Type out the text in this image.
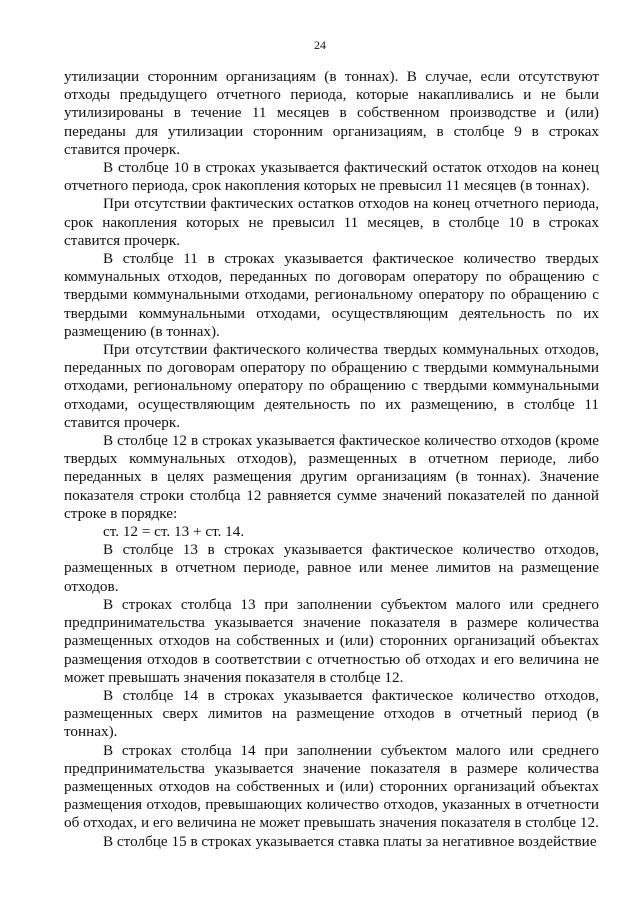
24

утилизации сторонним организациям (в тоннах). В случае, если отсутствуют отходы предыдущего отчетного периода, которые накапливались и не были утилизированы в течение 11 месяцев в собственном производстве и (или) переданы для утилизации сторонним организациям, в столбце 9 в строках ставится прочерк.

В столбце 10 в строках указывается фактический остаток отходов на конец отчетного периода, срок накопления которых не превысил 11 месяцев (в тоннах).

При отсутствии фактических остатков отходов на конец отчетного периода, срок накопления которых не превысил 11 месяцев, в столбце 10 в строках ставится прочерк.

В столбце 11 в строках указывается фактическое количество твердых коммунальных отходов, переданных по договорам оператору по обращению с твердыми коммунальными отходами, региональному оператору по обращению с твердыми коммунальными отходами, осуществляющим деятельность по их размещению (в тоннах).

При отсутствии фактического количества твердых коммунальных отходов, переданных по договорам оператору по обращению с твердыми коммунальными отходами, региональному оператору по обращению с твердыми коммунальными отходами, осуществляющим деятельность по их размещению, в столбце 11 ставится прочерк.

В столбце 12 в строках указывается фактическое количество отходов (кроме твердых коммунальных отходов), размещенных в отчетном периоде, либо переданных в целях размещения другим организациям (в тоннах). Значение показателя строки столбца 12 равняется сумме значений показателей по данной строке в порядке:

ст. 12 = ст. 13 + ст. 14.

В столбце 13 в строках указывается фактическое количество отходов, размещенных в отчетном периоде, равное или менее лимитов на размещение отходов.

В строках столбца 13 при заполнении субъектом малого или среднего предпринимательства указывается значение показателя в размере количества размещенных отходов на собственных и (или) сторонних организаций объектах размещения отходов в соответствии с отчетностью об отходах и его величина не может превышать значения показателя в столбце 12.

В столбце 14 в строках указывается фактическое количество отходов, размещенных сверх лимитов на размещение отходов в отчетный период (в тоннах).

В строках столбца 14 при заполнении субъектом малого или среднего предпринимательства указывается значение показателя в размере количества размещенных отходов на собственных и (или) сторонних организаций объектах размещения отходов, превышающих количество отходов, указанных в отчетности об отходах, и его величина не может превышать значения показателя в столбце 12.

В столбце 15 в строках указывается ставка платы за негативное воздействие
